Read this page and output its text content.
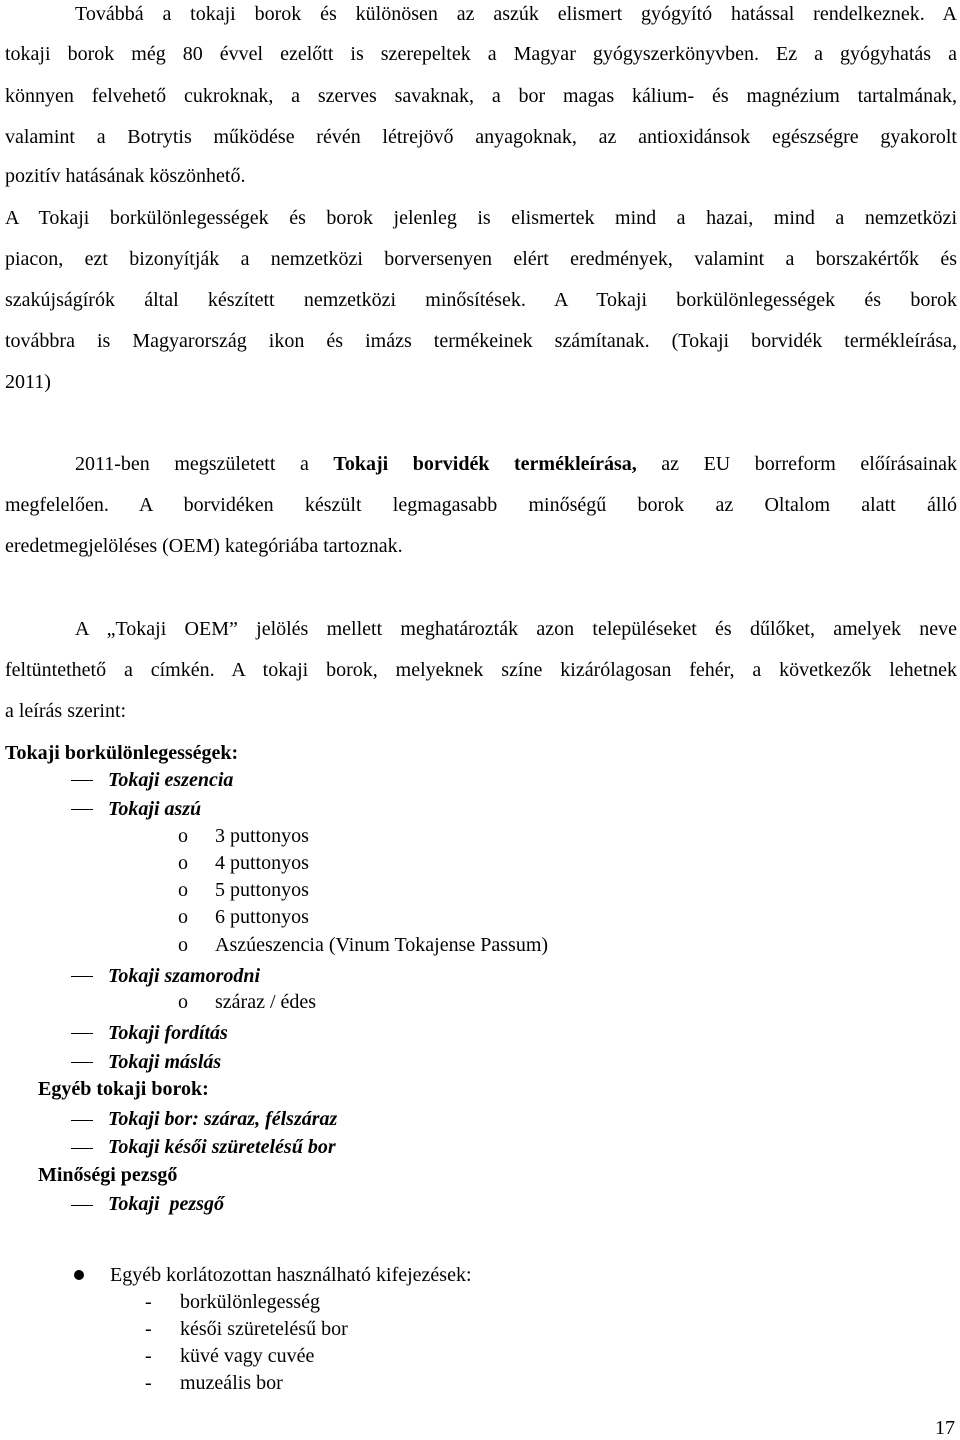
Továbbá a tokaji borok és különösen az aszúk elismert gyógyító hatással rendelkeznek. A
tokaji borok még 80 évvel ezelőtt is szerepeltek a Magyar gyógyszerkönyvben. Ez a gyógyhatás a
könnyen felvehető cukroknak, a szerves savaknak, a bor magas kálium- és magnézium tartalmának,
valamint a Botrytis működése révén létrejövő anyagoknak, az antioxidánsok egészségre gyakorolt
pozitív hatásának köszönhető.
A Tokaji borkülönlegességek és borok jelenleg is elismertek mind a hazai, mind a nemzetközi
piacon, ezt bizonyítják a nemzetközi borversenyen elért eredmények, valamint a borszakértők és
szakújságírók által készített nemzetközi minősítések. A Tokaji borkülönlegességek és borok
továbbra is Magyarország ikon és imázs termékeinek számítanak. (Tokaji borvidék termékleírása,
2011)
2011-ben megszületett a Tokaji borvidék termékleírása, az EU borreform előírásainak
megfelelően. A borvidéken készült legmagasabb minőségű borok az Oltalom alatt álló
eredetmegjelöléses (OEM) kategóriába tartoznak.
A „Tokaji OEM” jelölés mellett meghatározták azon településeket és dűlőket, amelyek neve
feltüntethető a címkén. A tokaji borok, melyeknek színe kizárólagosan fehér, a következők lehetnek
a leírás szerint:
Tokaji borkülönlegességek:
Tokaji eszencia
Tokaji aszú
o 3 puttonyos
o 4 puttonyos
o 5 puttonyos
o 6 puttonyos
o Aszúeszencia (Vinum Tokajense Passum)
Tokaji szamorodni
o száraz / édes
Tokaji fordítás
Tokaji máslás
Egyéb tokaji borok:
Tokaji bor: száraz, félszáraz
Tokaji késői szüretelésű bor
Minőségi pezsgő
Tokaji  pezsgő
Egyéb korlátozottan használható kifejezések:
- borkülönlegesség
- késői szüretelésű bor
- küvé vagy cuvée
- muzeális bor
17
